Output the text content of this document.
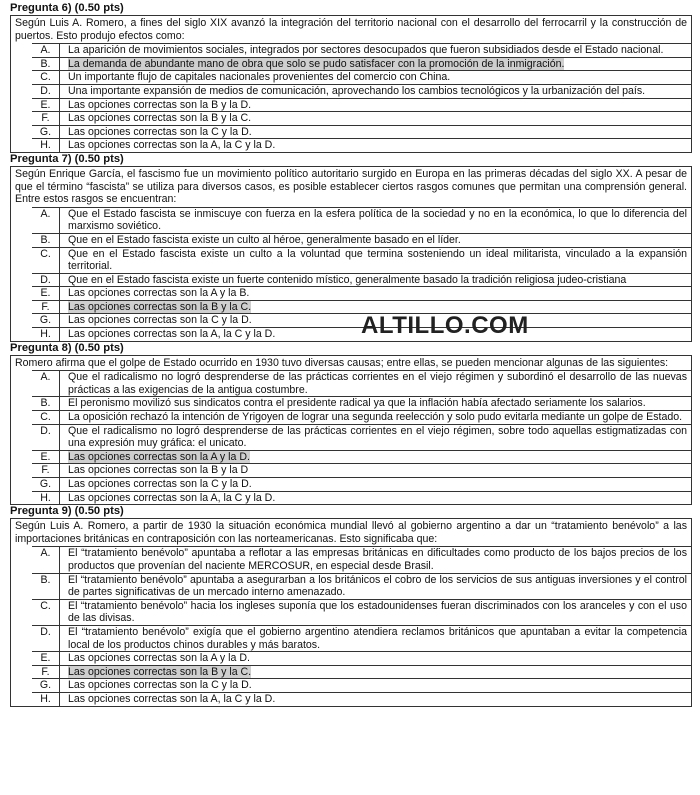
Pregunta 6) (0.50 pts)
Según Luis A. Romero, a fines del siglo XIX avanzó la integración del territorio nacional con el desarrollo del ferrocarril y la construcción de puertos. Esto produjo efectos como:
A.	La aparición de movimientos sociales, integrados por sectores desocupados que fueron subsidiados desde el Estado nacional.
B.	La demanda de abundante mano de obra que solo se pudo satisfacer con la promoción de la inmigración.
C.	Un importante flujo de capitales nacionales provenientes del comercio con China.
D.	Una importante expansión de medios de comunicación, aprovechando los cambios tecnológicos y la urbanización del país.
E.	Las opciones correctas son la B y la D.
F.	Las opciones correctas son la B y la C.
G.	Las opciones correctas son la C y la D.
H.	Las opciones correctas son la A, la C y la D.
Pregunta 7) (0.50 pts)
Según Enrique García, el fascismo fue un movimiento político autoritario surgido en Europa en las primeras décadas del siglo XX. A pesar de que el término “fascista” se utiliza para diversos casos, es posible establecer ciertos rasgos comunes que permitan una comprensión general. Entre estos rasgos se encuentran:
A.	Que el Estado fascista se inmiscuye con fuerza en la esfera política de la sociedad y no en la económica, lo que lo diferencia del marxismo soviético.
B.	Que en el Estado fascista existe un culto al héroe, generalmente basado en el líder.
C.	Que en el Estado fascista existe un culto a la voluntad que termina sosteniendo un ideal militarista, vinculado a la expansión territorial.
D.	Que en el Estado fascista existe un fuerte contenido místico, generalmente basado la tradición religiosa judeo-cristiana
E.	Las opciones correctas son la A y la B.
F.	Las opciones correctas son la B y la C.
G.	Las opciones correctas son la C y la D.
H.	Las opciones correctas son la A, la C y la D.
Pregunta 8) (0.50 pts)
Romero afirma que el golpe de Estado ocurrido en 1930 tuvo diversas causas; entre ellas, se pueden mencionar algunas de las siguientes:
A.	Que el radicalismo no logró desprenderse de las prácticas corrientes en el viejo régimen y subordinó el desarrollo de las nuevas prácticas a las exigencias de la antigua costumbre.
B.	El peronismo movilizó sus sindicatos contra el presidente radical ya que la inflación había afectado seriamente los salarios.
C.	La oposición rechazó la intención de Yrigoyen de lograr una segunda reelección y solo pudo evitarla mediante un golpe de Estado.
D.	Que el radicalismo no logró desprenderse de las prácticas corrientes en el viejo régimen, sobre todo aquellas estigmatizadas con una expresión muy gráfica: el unicato.
E.	Las opciones correctas son la A y la D.
F.	Las opciones correctas son la B y la D
G.	Las opciones correctas son la C y la D.
H.	Las opciones correctas son la A, la C y la D.
Pregunta 9) (0.50 pts)
Según Luis A. Romero, a partir de 1930 la situación económica mundial llevó al gobierno argentino a dar un “tratamiento benévolo” a las importaciones británicas en contraposición con las norteamericanas. Esto significaba que:
A.	El “tratamiento benévolo” apuntaba a reflotar a las empresas británicas en dificultades como producto de los bajos precios de los productos que provenían del naciente MERCOSUR, en especial desde Brasil.
B.	El “tratamiento benévolo” apuntaba a asegurarban a los británicos el cobro de los servicios de sus antiguas inversiones y el control de partes significativas de un mercado interno amenazado.
C.	El “tratamiento benévolo” hacia los ingleses suponía que los estadounidenses fueran discriminados con los aranceles y con el uso de las divisas.
D.	El “tratamiento benévolo” exigía que el gobierno argentino atendiera reclamos británicos que apuntaban a evitar la competencia local de los productos chinos durables y más baratos.
E.	Las opciones correctas son la A y la D.
F.	Las opciones correctas son la B y la C.
G.	Las opciones correctas son la C y la D.
H.	Las opciones correctas son la A, la C y la D.
ALTILLO.COM
